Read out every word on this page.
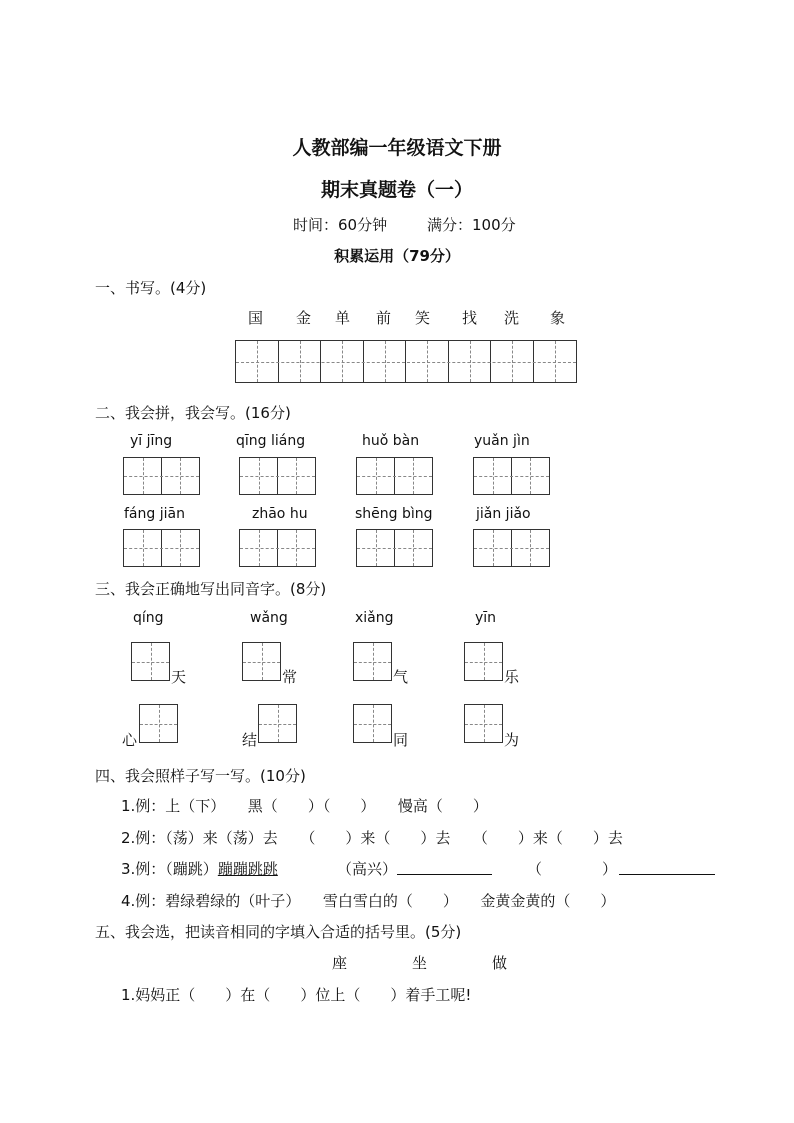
人教部编一年级语文下册
期末真题卷（一）
时间：60分钟	满分：100分
积累运用（79分）
一、书写。(4分)
国 金 单 前 笑 找 洗 象
二、我会拼，我会写。(16分)
yī jīng	qīng liáng	huǒ bàn	yuǎn jìn
fáng jiān	zhāo hu	shēng bìng	jiǎn jiǎo
三、我会正确地写出同音字。(8分)
qíng	wǎng	xiǎng	yīn
天	常	气	乐
心	结	同	为
四、我会照样子写一写。(10分)
1.例：上（下）　　黑（　　）（　　）　　慢高（　　）
2.例：（荡）来（荡）去　　（　　）来（　　）去　　（　　）来（　　）去
3.例：（蹦跳）蹦蹦跳跳	（高兴）	（　　　　）
4.例：碧绿碧绿的（叶子）　　雪白雪白的（　　）　　金黄金黄的（　　）
五、我会选，把读音相同的字填入合适的括号里。(5分)
座	坐	做
1.妈妈正（　　）在（　　）位上（　　）着手工呢!
